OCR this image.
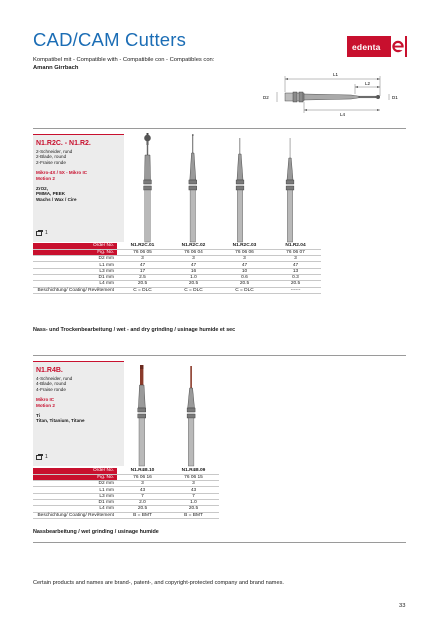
CAD/CAM Cutters	edenta
Kompatibel mit - Compatible with - Compatibile con - Compatibles con:
Amann Girrbach
L1
L2
L4
D2	D1
N1.R2C. - N1.R2.
2-Schneider, rund
2-Blade, round
2-Fraise ronde
Mikro-4X / 5X - Mikro IC
Motion 2
ZrO2,
PMMA, PEEK
Wachs / Wax / Cire
1
Order No.	N1.R2C.01	N1.R2C.02	N1.R2C.03	N1.R2.04
Fig. No.	76 06 05	76 06 04	76 06 06	76 06 07
D2 mm	3	3	3	3
L1 mm	47	47	47	47
L3 mm	17	16	10	13
D1 mm	2.5	1.0	0.6	0.3
L4 mm	20.5	20.5	20.5	20.5
Beschichtung/ Coating/ Revêtement	C = DLC	C = DLC	C = DLC	------
Nass- und Trockenbearbeitung / wet - and dry grinding / usinage humide et sec
N1.R4B.
4-Schneider, rund
4-Blade, round
4-Fraise ronde
Mikro IC
Motion 2
Ti
Titan, Titanium, Titane
1
Order No.	N1.R4B.10	N1.R4B.09
Fig. No.	76 06 16	76 06 15
D2 mm	3	3
L1 mm	43	43
L3 mm	7	7
D1 mm	2.0	1.0
L4 mm	20.5	20.5
Beschichtung/ Coating/ Revêtement	B = BMT	B = BMT
Nassbearbeitung / wet grinding / usinage humide
Certain products and names are brand-, patent-, and copyright-protected company and brand names.
33
